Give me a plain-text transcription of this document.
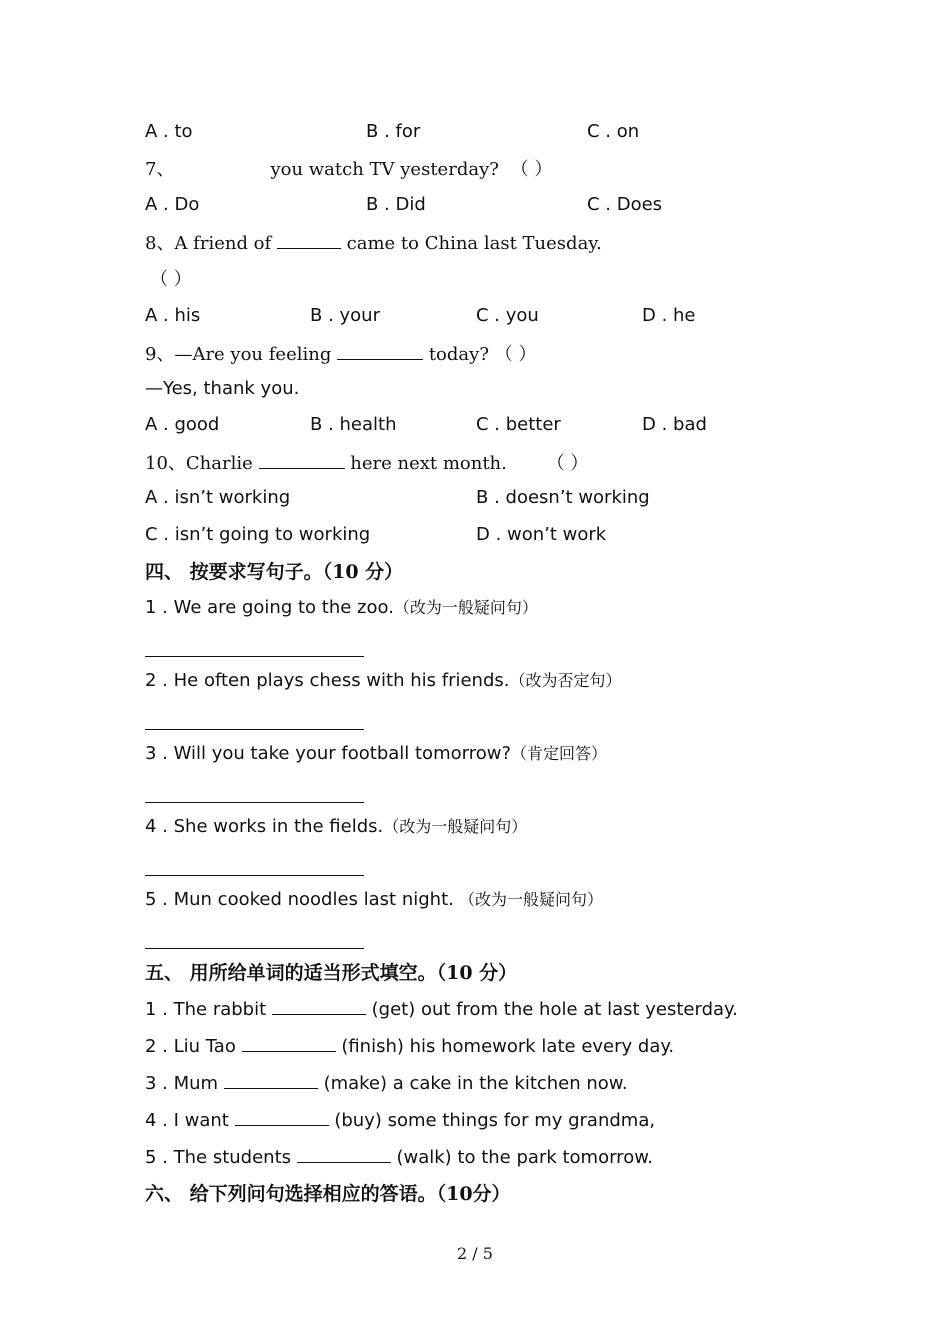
A . to	B . for	C . on
7、	you watch TV yesterday? （ ）
A . Do	B . Did	C . Does
8、A friend of	came to China last Tuesday.
（ ）
A . his	B . your	C . you	D . he
9、—Are you feeling	today? （ ）
—Yes, thank you.
A . good	B . health	C . better	D . bad
10、Charlie	here next month. （ ）
A . isn’t working	B . doesn’t working
C . isn’t going to working	D . won’t work
四、 按要求写句子。（10 分）
1 . We are going to the zoo.（改为一般疑问句）
2 . He often plays chess with his friends.（改为否定句）
3 . Will you take your football tomorrow?（肯定回答）
4 . She works in the fields.（改为一般疑问句）
5 . Mun cooked noodles last night. （改为一般疑问句）
五、 用所给单词的适当形式填空。（10 分）
1 . The rabbit	(get) out from the hole at last yesterday.
2 . Liu Tao	(finish) his homework late every day.
3 . Mum	(make) a cake in the kitchen now.
4 . I want	(buy) some things for my grandma,
5 . The students	(walk) to the park tomorrow.
六、 给下列问句选择相应的答语。（10分）
2 / 5
